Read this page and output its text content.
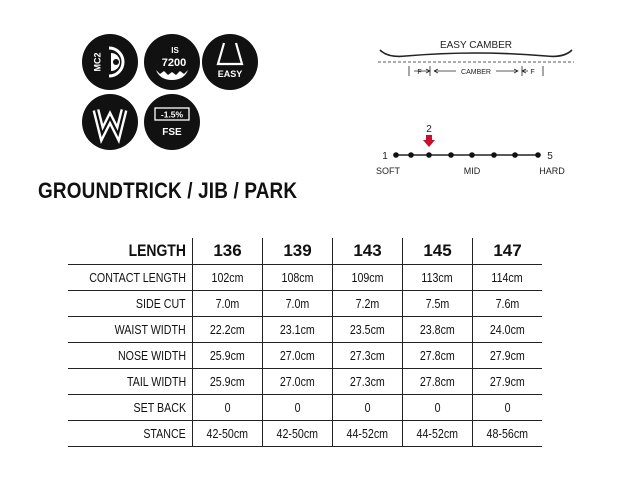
MC2
IS
7200
EASY
-1.5%
FSE
EASY CAMBER
F	CAMBER	F
2
1	5
SOFT	MID	HARD
GROUNDTRICK / JIB / PARK
LENGTH	136	139	143	145	147
CONTACT LENGTH	102cm	108cm	109cm	113cm	114cm
SIDE CUT	7.0m	7.0m	7.2m	7.5m	7.6m
WAIST WIDTH	22.2cm	23.1cm	23.5cm	23.8cm	24.0cm
NOSE WIDTH	25.9cm	27.0cm	27.3cm	27.8cm	27.9cm
TAIL WIDTH	25.9cm	27.0cm	27.3cm	27.8cm	27.9cm
SET BACK	0	0	0	0	0
STANCE	42-50cm	42-50cm	44-52cm	44-52cm	48-56cm
